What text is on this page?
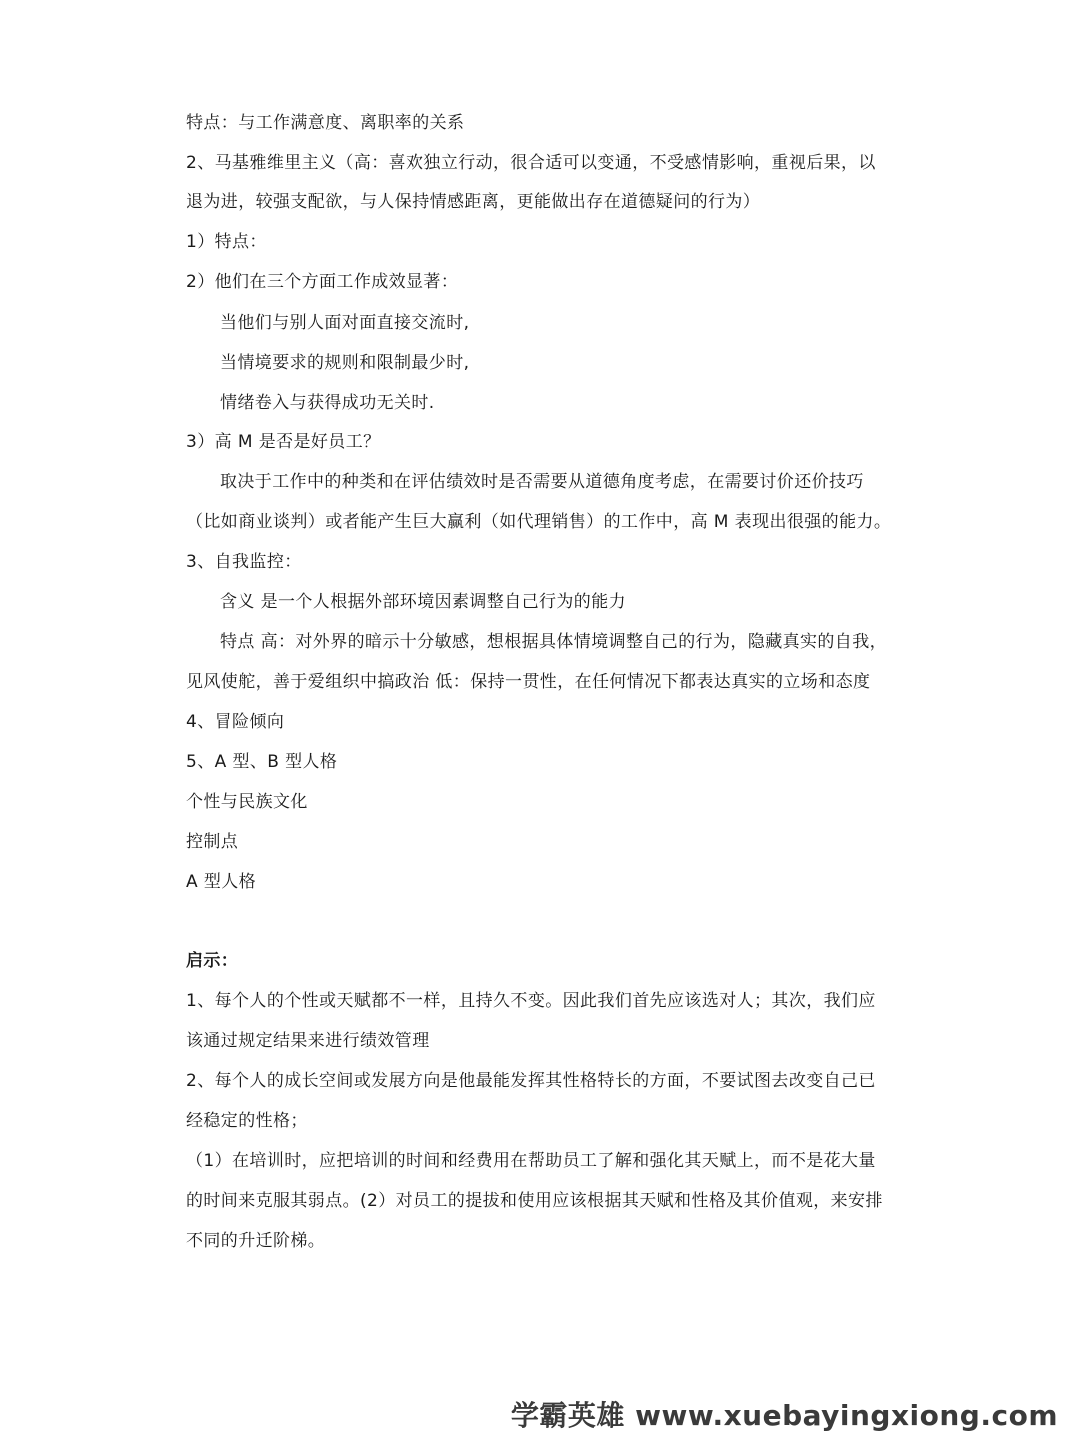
特点：与工作满意度、离职率的关系
2、马基雅维里主义（高：喜欢独立行动，很合适可以变通，不受感情影响，重视后果，以
退为进，较强支配欲，与人保持情感距离，更能做出存在道德疑问的行为）
1）特点：
2）他们在三个方面工作成效显著：
当他们与别人面对面直接交流时,
当情境要求的规则和限制最少时,
情绪卷入与获得成功无关时.
3）高 M 是否是好员工？
取决于工作中的种类和在评估绩效时是否需要从道德角度考虑，在需要讨价还价技巧
（比如商业谈判）或者能产生巨大赢利（如代理销售）的工作中，高 M 表现出很强的能力。
3、自我监控：
含义 是一个人根据外部环境因素调整自己行为的能力
特点 高：对外界的暗示十分敏感，想根据具体情境调整自己的行为，隐藏真实的自我，
见风使舵，善于爱组织中搞政治 低：保持一贯性，在任何情况下都表达真实的立场和态度
4、冒险倾向
5、A 型、B 型人格
个性与民族文化
控制点
A 型人格
启示：
1、每个人的个性或天赋都不一样，且持久不变。因此我们首先应该选对人；其次，我们应
该通过规定结果来进行绩效管理
2、每个人的成长空间或发展方向是他最能发挥其性格特长的方面，不要试图去改变自己已
经稳定的性格；
（1）在培训时，应把培训的时间和经费用在帮助员工了解和强化其天赋上，而不是花大量
的时间来克服其弱点。(2）对员工的提拔和使用应该根据其天赋和性格及其价值观，来安排
不同的升迁阶梯。
学霸英雄 www.xuebayingxiong.com
